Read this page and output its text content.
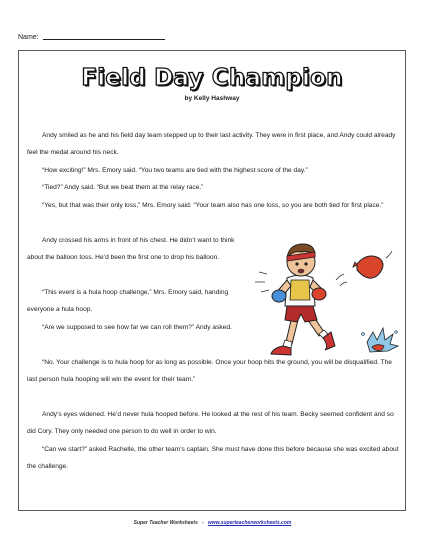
Name:
Field Day Champion
by Kelly Hashway

Andy smiled as he and his field day team stepped up to their last activity. They were in first place, and Andy could already feel the medal around his neck.

“How exciting!” Mrs. Emory said. “You two teams are tied with the highest score of the day.”

“Tied?” Andy said. “But we beat them at the relay race.”

“Yes, but that was their only loss,” Mrs. Emory said. “Your team also has one loss, so you are both tied for first place.”

Andy crossed his arms in front of his chest. He didn’t want to think about the balloon toss. He’d been the first one to drop his balloon.

“This event is a hula hoop challenge,” Mrs. Emory said, handing everyone a hula hoop.

“Are we supposed to see how far we can roll them?” Andy asked.

“No. Your challenge is to hula hoop for as long as possible. Once your hoop hits the ground, you will be disqualified. The last person hula hooping will win the event for their team.”

Andy’s eyes widened. He’d never hula hooped before. He looked at the rest of his team. Becky seemed confident and so did Cory. They only needed one person to do well in order to win.

“Can we start?” asked Rachelle, the other team’s captain. She must have done this before because she was excited about the challenge.

Super Teacher Worksheets - www.superteacherworksheets.com
